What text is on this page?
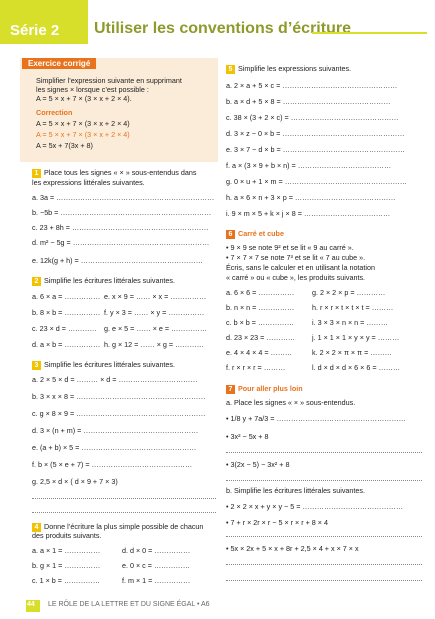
Série 2 Utiliser les conventions d’écriture
Exercice corrigé
Simplifier l’expression suivante en supprimant
les signes × lorsque c’est possible :
A = 5 × x + 7 × (3 × x + 2 × 4).
Correction
A = 5 × x + 7 × (3 × x + 2 × 4)
A = 5 × x + 7 × (3 × x + 2 × 4)
A = 5x + 7(3x + 8)
1 Place tous les signes « × » sous-entendus dans
les expressions littérales suivantes.
a. 3a = …………………………………………………………
b. −5b = ………………………………………………………
c. 23 + 8h = …………………………………………………
d. m² − 5g = …………………………………………………
e. 12k(g + h) = ……………………………………………
2 Simplifie les écritures littérales suivantes.
a. 6 × a = ……………
b. 8 × b = ……………
c. 23 × d = …………
d. a × b = ……………
e. x × 9 = …… × x = ……………
f. y × 3 = …… × y = ……………
g. e × 5 = …… × e = ……………
h. g × 12 = …… × g = …………
3 Simplifie les écritures littérales suivantes.
a. 2 × 5 × d = ……… × d = ……………………………
b. 3 × x × 8 = ………………………………………………
c. g × 8 × 9 = ………………………………………………
d. 3 × (n + m) = …………………………………………
e. (a + b) × 5 = …………………………………………
f. b × (5 × e + 7) = ……………………………………
g. 2,5 × d × ( d × 9 + 7 × 3)
4 Donne l’écriture la plus simple possible de chacun
des produits suivants.
a. a × 1 = ……………
b. g × 1 = ……………
c. 1 × b = ……………
d. d × 0 = ……………
e. 0 × c = ……………
f. m × 1 = ……………
5 Simplifie les expressions suivantes.
a. 2 × a + 5 × c = …………………………………………
b. a × d + 5 × 8 = ………………………………………
c. 38 × (3 + 2 × c) = ………………………………………
d. 3 × z − 0 × b = ……………………………………………
e. 3 × 7 − d × b = ……………………………………………
f. a × (3 × 9 + b × n) = …………………………………
g. 0 × u + 1 × m = ……………………………………………
h. a × 6 × n + 3 × p = ……………………………………
i. 9 × m × 5 + k × j × 8 = ………………………………
6 Carré et cube
• 9 × 9 se note 9² et se lit « 9 au carré ».
• 7 × 7 × 7 se note 7³ et se lit « 7 au cube ».
Écris, sans le calculer et en utilisant la notation
« carré » ou « cube », les produits suivants.
a. 6 × 6 = ……………
b. n × n = ……………
c. b × b = ……………
d. 23 × 23 = …………
e. 4 × 4 × 4 = ………
f. r × r × r = ………
g. 2 × 2 × p = …………
h. r × r × t × t × t = ………
i. 3 × 3 × n × n = ………
j. 1 × 1 × 1 × y × y = ………
k. 2 × 2 × π × π = ………
l. d × d × d × 6 × 6 = ………
7 Pour aller plus loin
a. Place les signes « × » sous-entendus.
• 1/8 y + 7a/3 = ………………………………………………
• 3x² − 5x + 8
• 3(2x − 5) − 3x² + 8
b. Simplifie les écritures littérales suivantes.
• 2 × 2 × x + y × y − 5 = ……………………………………
• 7 + r × 2r × r − 5 × r × r + 8 × 4
• 5x × 2x + 5 × x + 8r + 2,5 × 4 + x × 7 × x
44 LE RÔLE DE LA LETTRE ET DU SIGNE ÉGAL • A6
